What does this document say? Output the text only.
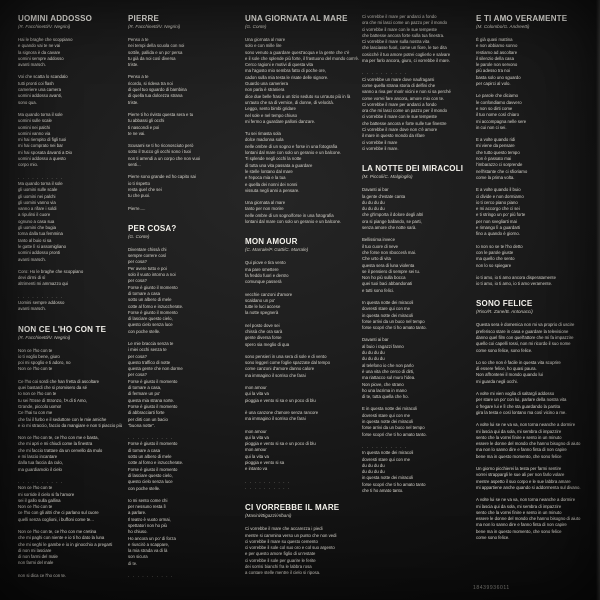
UOMINI ADDOSSO
(R. Facchinetti/V. Negrini)
Hai le braghe che scoppiano
e quando vai te ne vai
la signora è da cavare
uomini sempre addosso
avanti marsch.
Voi che scatta lo scandalo
tutti pronti coi flash
cameriere una camera
uomini addosso avanti,
sono qua.
Ma quando torna il sole
uomini sulle scale
uomini nei palchi
uomini vanno via
mi hai riempito di figli tuoi
mi hai comprato nei bar
mi hai sposata davanti a Dio
uomini addosso a questo
corpo mio.
. . . . . . . . . .
Ma quando torna il sole
gli uomini sulle scale
gli uomini nei palchi
gli uomini vanno via
vanno a rifare i soldi
a ripulirsi il cuore
ognuno a casa sua
gli uomini che bugia
torna dalla tua femmina
tanto al buio si sa
le gatte lì si assomigliano
uomini addosso pronti
avanti marsch.
Coro: Ho le braghe che scoppiano
devi dirmi di sì
altrimenti mi ammazzo qui
. . . . . . . . . .
Uomini sempre addosso
avanti marsch.
NON CE L'HO CON TE
(R. Facchinetti/V. Negrini)
Non ce l'ho con te
io ti voglio bene, giuro
poi mi spoglio e ti adoro, no
Non ce l'ho con te
Ce l'ho coi sordi che han fretta di ascoltare
quei bastardi che si promisero da sé
Io non ce l'ho con te
tu sei l'Esse di Stronzo, l'A di ti Amo,
Grande, piccolo uomo!
Ce l'hai tu con me
che fai il furbo e il seduttore con le mie amiche
e io mi straccio, faccio da mangiare e non ti piaccio più
Non ce l'ho con te, ce l'ho con me e basta,
che mi apri e mi chiudi come la finestra
che mi faccio trattare da un cervello da mulo
e mi lascio incantare
dalla tua faccia da culo,
ma guardiamolo il cielo
. . . . . . . . . .
Non ce l'ho con te
mi sorride il cielo si fa l'amore
sei il gallo sulla gallina
Non ce l'ho con te
ce l'ho con gli altri che ci parlano sul cuore
quelli senza coglioni, i buffoni come te...
Non ce l'ho con te, ce l'ho con me cretina
che mi paghi con niente e io ti ho dato la luna
che mi seghi le gambe e io in ginocchio a pregarti
di non mi lasciare
di non farmi del male
non farmi del male
non si dica ce l'ho con te.
PIERRE
(R. Facchinetti/V. Negrini)
Penso a te
nei tempi della scuola con noi
sottile, pallida e un po' persa
tu già da noi così diversa
triste.
Penso a te
ricordo, si rideva tra noi
di quel tuo sguardo di bambina
di quella tua dolcezza strana
triste.
Pierre ti ho rivisto questa sera e tu
tu abbassi gli occhi
ti nascondi e poi
te ne vai.
Scusami se ti ho riconosciuto però
sotto il trucco gli occhi sono i tuoi
non ti arrendi a un corpo che non vuoi
senti...
Pierre sono grande ed ho capito sai
io ti rispetto
resta quel che sei
tu che puoi.
Pierre.....
PER COSA?
(G. Conte)
Diventare chissà chi
sempre correre così
per cosa?
Per avere tutto e poi
solo il vuoto intorno a noi
per cosa?
Forse è giunto il momento
di tornare a casa
sotto un albero di mele
cotte al forno e inzuccherate.
Forse è giunto il momento
di lasciare questo cielo,
questo cielo senza luce
con poche stelle.
Le mie braccia senza te
i miei occhi senza te
per cosa?
questo traffico di notte
questa gente che non dorme
per cosa?
Forse è giusto il momento
di tornare a casa,
di fermare un po'
questa mia strana sorte.
Forse è giusto il momento
di abbracciarti forte
per dirti con un bacio
"buona notte".
. . . . . . . . . .
Forse è giusto il momento
di tornare a casa
sotto un albero di mele
cotte al forno e inzuccherate.
Forse è giusto il momento
di lasciare questo cielo,
questo cielo senza luce
con poche stelle.
Io mi sento come chi
per nessuno resta lì
a parlare.
Il teatro è vuoto ormai,
spettatori non ho più
ho chiuso.
Ho ancora un po' di forza
e riuscirò a scappare,
la mia strada va di là
son sicura
di te.
. . . . . . . . . .
UNA GIORNATA AL MARE
(G. Conte)
Una giornata al mare
solo e con mille lire
sono venuto a guardare quest'acqua e la gente che c'è
e il sole che splende più forte, il frastuono del mondo com'è.
Cerco ragioni e motivi di questa vita
ma l'agosto mio sembra fatto di poche ore,
cadon sulla mia testa le risate delle signore.
Guardo una cameriera
non parla è straniera
dice due belle frasi a un tizio seduto su un'auto più in là
un'auto che sa di vernice, di donne, di velocità.
Leggo, sento bimbi gridare
nel sole e nel tempo chiuso
mi fermo a guardare palloni danzare.
Tu sei rimasta sola
dolce madonna sola
nelle ombre di un sogno e forse in una fotografia
lontani dal mare con solo un geranio e un balcone.
Ti splende negli occhi la notte
di tutta una vita passata a guardare
le stelle lontano dal mare
e l'epoca mia e la tua
e quella dei nonni dei nonni
vissuta negli anni a pensare.
Una giornata al mare
tanto per non morire
nelle ombre di un sogno/forse in una fotografia
lontani dal mare con solo un geranio e un balcone.
MON AMOUR
(C. Marrale/P. Gatti/C. Marrale)
Qui piove e tira vento
ma pare smettere
fa freddo fuori e dentro
comunque passerà
vecchie canzoni d'amore
scaldano un po'
tutte le luci accese
la notte spegnerà
nel posto dove sei
chissà che ora sarà
gente diversa forse
spero sia meglio di qua
sono pensieri in una sera di sole e di vento
sono leggeri come foglie spazzate dal tempo
come canzoni d'amore danno calore
ma immagino il sorriso che farai
mon amour
qui la vita va
pioggia e vento si sa e un poco di blu
è una canzone d'amore senza rancore
ma immagino il sorriso che farai
mon amour
qui la vita va
pioggia e vento si sa e un poco di blu
mon amour
qui la vita va
pioggia e vento si sa
e intanto va
. . . . . . . . . .
. . . . . . . . . .
CI VORREBBE IL MARE
(Masini/Bigazzi/Albani)
Ci vorrebbe il mare che accarezza i piedi
mentre si cammina verso un punto che non vedi
ci vorrebbe il mare su questo cemento
ci vorrebbe il sole col suo oro e col suo argento
e per questo amore figlio di un'estate
ci vorrebbe il sole per guarire le ferite
dei sorrisi bianchi fra le labbra rosa
a contare stelle mentre il cielo si riposa.
Ci vorrebbe il mare per andarci a fondo
ora che mi lasci come un pazzo per il mondo
ci vorrebbe il mare con le sue tempeste
che battesse ancora forte sulla tua finestra.
Ci vorrebbe il mare sulla nostra vita
che lasciasse fuori, come un fiore, le tue dita
cosicché il tuo amore potrei coglierlo e salvare
ma per farlo ancora, giuro, ci vorrebbe il mare.
. . . . . . . . . .
Ci vorrebbe un mare dove naufragarsi
come quella strana storia di delfini che
vanno a riva per morir vicini e non si sa perché
come vorrei fare ancora, amore mio con te.
Ci vorrebbe il mare per andarci a fondo
ora che mi lasci come un pazzo per il mondo
ci vorrebbe il mare con le sue tempeste
che battesse ancora e forte sulle tue finestre
Ci vorrebbe il mare dove non c'è amore
il mare in questo mondo da rifare
ci vorrebbe il mare
ci vorrebbe il mare.
LA NOTTE DEI MIRACOLI
(M. Piccoli/C. Malgioglio)
Davanti ai bar
la gente d'estate canta
du du du du
du du du du
che gl'importa il dolore degli altri
ora si piange ballando, se parti,
senza amore che notte sarà.
Bellissima invece
il tuo cuore di neve
che forse non sboccerà mai.
Che urto di vita
questa sera di luna violenta
se il pensiero di sempre sei tu.
Non ho più sulla bocca
quei tuoi baci abbandonati
e tutti sono felici.
In questa notte dei miracoli
dovresti stare qui con me
in questa notte dei miracoli
forse arrivi da un buco nel tempo
forse scopri che ti ho amato tanto.
Davanti ai bar
al buio i ragazzi fanno
du du du du
du du du du
al telefono io che non parlo
è una vita che cerco di dirti,
ma riattacco sul muro l'idea.
Non piove, che strano
ho una lacrima in mano
di te, tutta quella che ho.
E in questa notte dei miracoli
dovresti stare qui con me
in questa notte dei miracoli
forse arrivi da un buco nel tempo
forse scopri che ti ho amato tanto.
. . . . . . . . . .
In questa notte dei miracoli
dovresti stare qui con me
du du du du
du du du du
in questa notte dei miracoli
forse scopri che ti ho amato tanto
che ti ho amato tanto.
E TI AMO VERAMENTE
(M. Colombo/G. Andreetti)
È già quasi mattina
e non abbiamo sonno
restiamo ad ascoltare
il silenzio della casa
le parole non servono
più adesso tra noi
basta solo uno sguardo
per capirci al volo.
Le parole che diciamo
le confondiamo davvero
e non so dirti come
il tuo nome così chiaro
mi accompagna nelle sere
in cui non ci sei.
E a volte quando ridi
mi viene da pensare
che tutto questo tempo
non è passato mai
l'imbarazzo ci sorprende
nell'istante che ci sfioriamo
come la prima volta.
E a volte quando il buio
ci divide e non dormiamo
io ti cerco piano piano
e mi accorgo che ci sei
e ti stringo un po' più forte
per non svegliarti mai
e rimango lì a guardarti
fino a quando è giorno.
Io non so se te l'ho detto
con le parole giuste
ma quello che sento
non lo so spiegare
io ti amo, io ti amo ancora disperatamente
io ti amo, io ti amo, io ti amo veramente.
SONO FELICE
(Riso/R. Zane/B. Antonacci)
Questa sera è domenica non mi va proprio di uscire
preferisco stare in casa e guardare la televisione
danno quel film con quell'attore che mi fa impazzire
quello coi capelli rossi, non mi ricordo il suo nome
come sono felice, sono felice.
Lo so che non è facile in questa vita scoprire
di essere felice, ho quasi paura.
Non affronterei il mondo quando lui
mi guarda negli occhi.
A volte mi vien voglia di saltargli addosso
per stare un po' con lui, parlare della nostra vita
o fregare lui e lì che sta guardando la partita
gira la testa e così lontano ma così vicino a me.
A volte lui se ne va va, non torna neanche a dormire
mi lascia qui da sola, mi sembra di impazzire
sento che la vorrei finire e sento in un minuto
essere le donne del mondo che hanno bisogno di aiuto
ma non lo sanno dire e fanno finta di non capire
bene ma in questo momento, che sono felice
Un giorno picchierei la testa per farmi sentire
vorrei strappargli le sue ali per non farlo volare
mentre aspetto il suo corpo e le sue labbra amare
mi appartiene anche quando si addormenta sul divano.
A volte lui se ne va va, non torna neanche a dormire
mi lascia qui da sola, mi sembra di impazzire
sento che la vorrei finire e sento in un minuto
essere le donne del mondo che hanno bisogno di aiuto
ma non lo sanno dire e fanno finta di non capire
bene ma in questo momento, che sono felice
come sono felice.
18439936011
